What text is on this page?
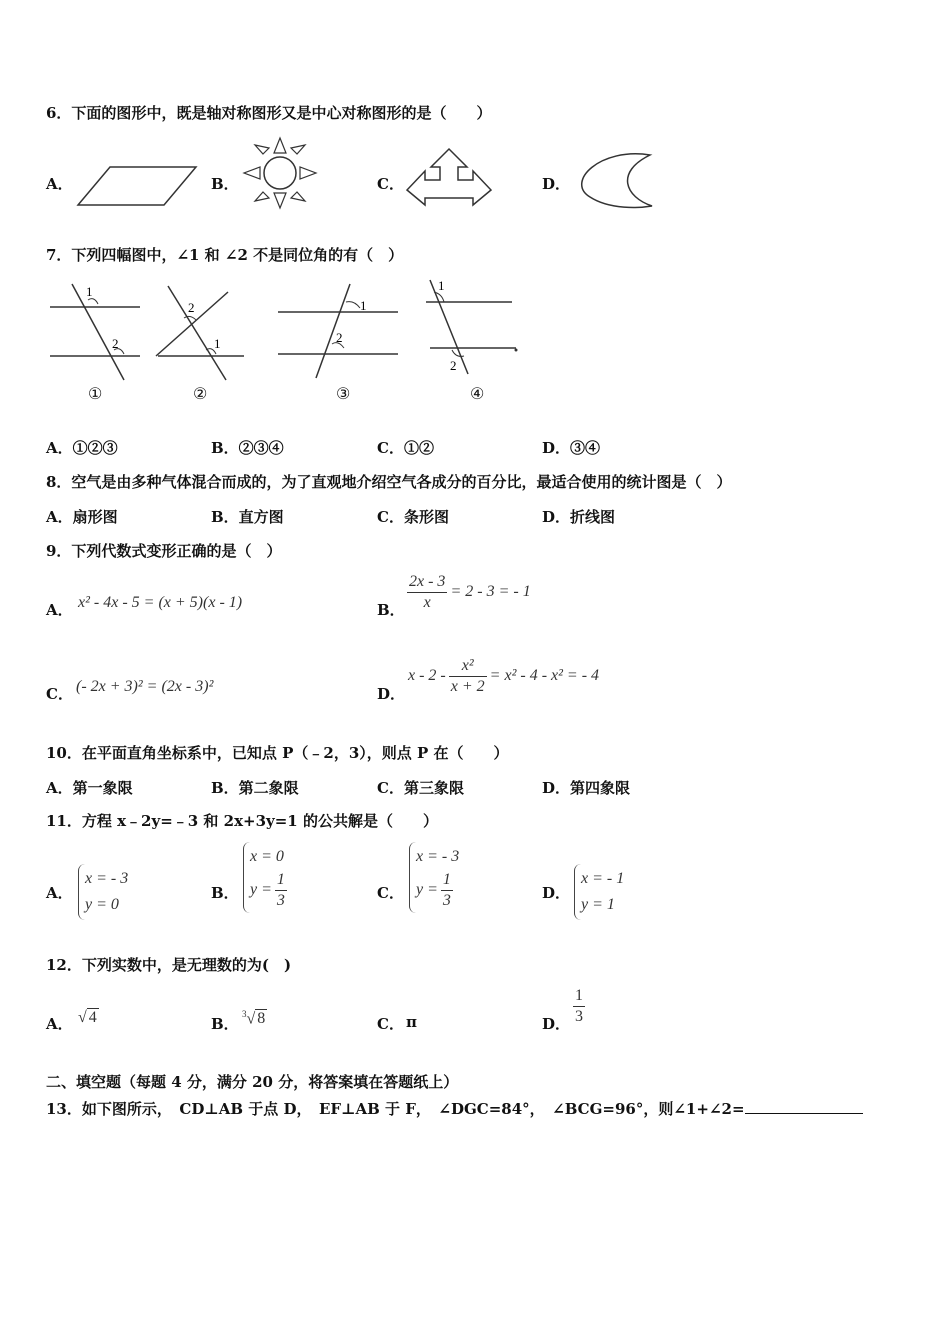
6．下面的图形中，既是轴对称图形又是中心对称图形的是（　　）
A．	B．	C．	D．
7．下列四幅图中，∠1 和 ∠2 不是同位角的有（　）
1
2
①
2
1
②
1
2
③
1
2
④
A．①②③	B．②③④	C．①②	D．③④
8．空气是由多种气体混合而成的，为了直观地介绍空气各成分的百分比，最适合使用的统计图是（　）
A．扇形图	B．直方图	C．条形图	D．折线图
9．下列代数式变形正确的是（　）
A． x² - 4x - 5 = (x + 5)(x - 1)	B． $\frac{2x - 3}{x} = 2 - 3$ = - 1
C． (- 2x + 3)² = (2x - 3)²	D．
$x - 2 - \frac{\text{x²}}{x + 2} = x^2 - 4 - x^2$ = - 4
10．在平面直角坐标系中，已知点 P（﹣2，3），则点 P 在（　　）
A．第一象限	B．第二象限	C．第三象限	D．第四象限
11．方程 x﹣2y=﹣3 和 2x+3y=1 的公共解是（　　）
A．
x = - 3
y = 0
B．
x = 0
$y = \frac{1}{3}$	C．
x = - 3
$y = \frac{1}{3}$	D．
x = - 1
y = 1
12．下列实数中，是无理数的为(　)
A． √ 4	B．
$^3$√ 8	C． π	D． $\frac{1}{3}$
二、填空题（每题 4 分，满分 20 分，将答案填在答题纸上）
13．如下图所示，　CD⊥AB 于点 D，　EF⊥AB 于 F，　∠DGC=84°，　∠BCG=96°，则∠1+∠2=
